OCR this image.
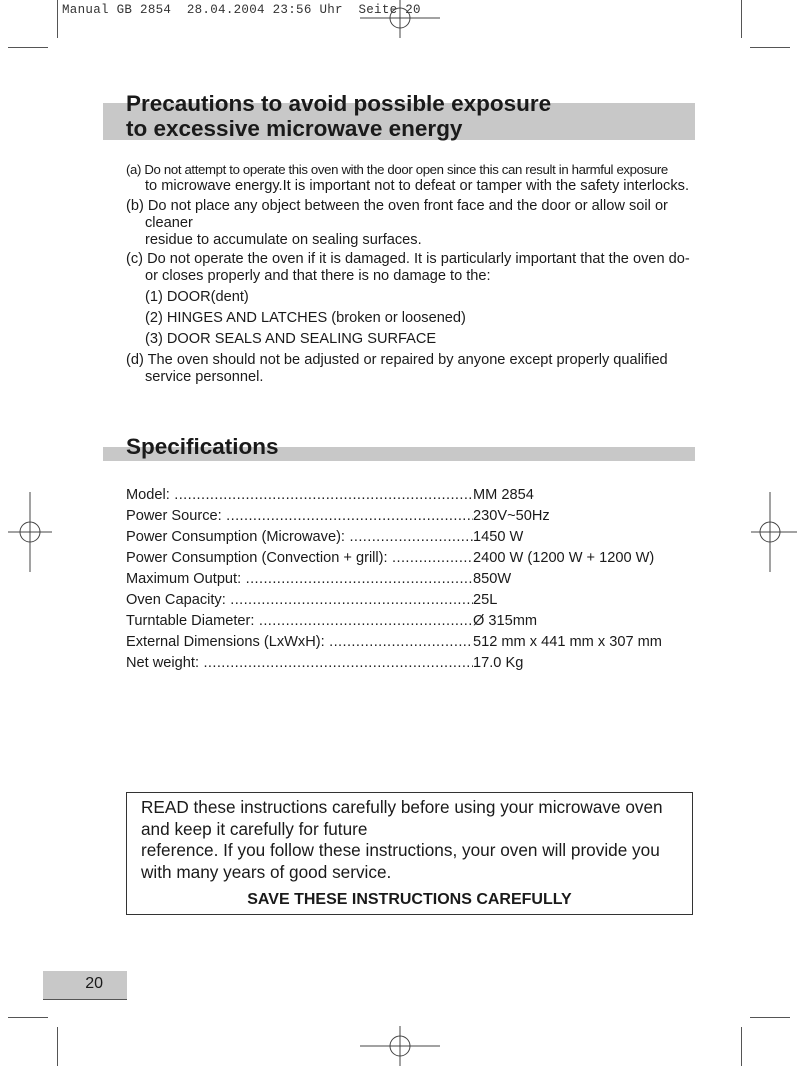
Manual GB 2854  28.04.2004 23:56 Uhr  Seite 20
Precautions to avoid possible exposure
to excessive microwave energy
(a) Do not attempt to operate this oven with the door open since this can result in harmful exposure
to microwave energy.It is important not to defeat or tamper with the safety interlocks.
(b) Do not place any object between the oven front face and the door or allow soil or
cleaner
residue to accumulate on sealing surfaces.
(c) Do not operate the oven if it is damaged. It is particularly important that the oven do-
or closes properly and that there is no damage to the:
(1) DOOR(dent)
(2) HINGES AND LATCHES (broken or loosened)
(3) DOOR SEALS AND SEALING SURFACE
(d) The oven should not be adjusted or repaired by anyone except properly qualified
service personnel.
Specifications
Model: .....	MM 2854
Power Source: .....	230V~50Hz
Power Consumption (Microwave): .....	1450 W
Power Consumption (Convection + grill): .....	2400 W (1200 W + 1200 W)
Maximum Output: .....	850W
Oven Capacity: .....	25L
Turntable Diameter: .....	Ø 315mm
External Dimensions (LxWxH): .....	512 mm x 441 mm x 307 mm
Net weight: .....	17.0 Kg

READ these instructions carefully before using your microwave oven

and keep it carefully for future

reference. If you follow these instructions, your oven will provide you

with many years of good service.

SAVE THESE INSTRUCTIONS CAREFULLY
20
